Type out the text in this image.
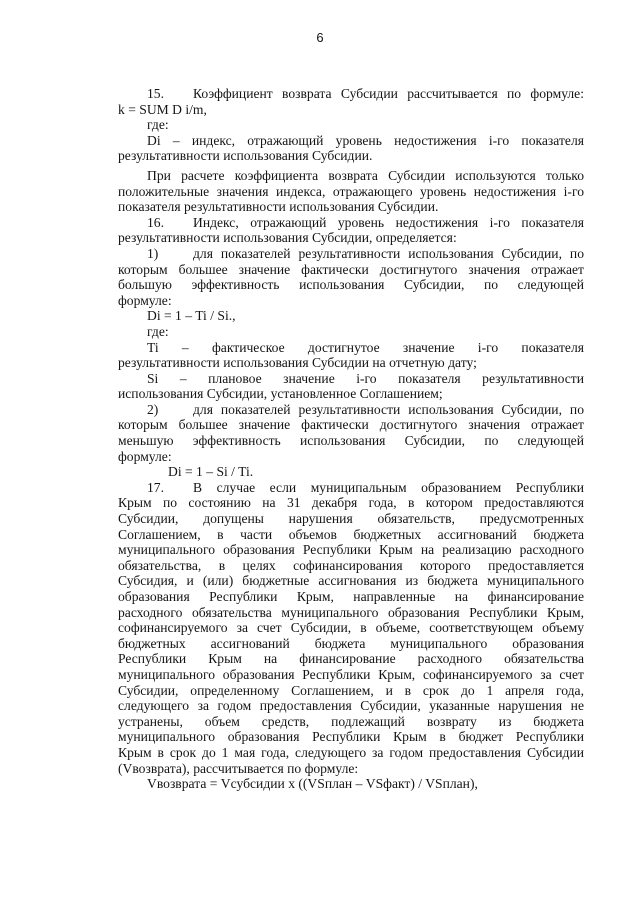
6

15. Коэффициент возврата Субсидии рассчитывается по формуле:

k = SUM D i/m,

где:

Di – индекс, отражающий уровень недостижения i-го показателя

результативности использования Субсидии.

При расчете коэффициента возврата Субсидии используются только

положительные значения индекса, отражающего уровень недостижения i-го

показателя результативности использования Субсидии.

16. Индекс, отражающий уровень недостижения i-го показателя

результативности использования Субсидии, определяется:

1)	для показателей результативности использования Субсидии, по

которым большее значение фактически достигнутого значения отражает

большую эффективность использования Субсидии, по следующей

формуле:

Di = 1 – Ti / Si.,

где:

Ti – фактическое достигнутое значение i-го показателя

результативности использования Субсидии на отчетную дату;

Si – плановое значение i-го показателя результативности

использования Субсидии, установленное Соглашением;

2)	для показателей результативности использования Субсидии, по

которым большее значение фактически достигнутого значения отражает

меньшую эффективность использования Субсидии, по следующей

формуле:

Di = 1 – Si / Ti.

17. В случае если муниципальным образованием Республики

Крым по состоянию на 31 декабря года, в котором предоставляются

Субсидии, допущены нарушения обязательств, предусмотренных

Соглашением, в части объемов бюджетных ассигнований бюджета

муниципального образования Республики Крым на реализацию расходного

обязательства, в целях софинансирования которого предоставляется

Субсидия, и (или) бюджетные ассигнования из бюджета муниципального

образования Республики Крым, направленные на финансирование

расходного обязательства муниципального образования Республики Крым,

софинансируемого за счет Субсидии, в объеме, соответствующем объему

бюджетных ассигнований бюджета муниципального образования

Республики Крым на финансирование расходного обязательства

муниципального образования Республики Крым, софинансируемого за счет

Субсидии, определенному Соглашением, и в срок до 1 апреля года,

следующего за годом предоставления Субсидии, указанные нарушения не

устранены, объем средств, подлежащий возврату из бюджета

муниципального образования Республики Крым в бюджет Республики

Крым в срок до 1 мая года, следующего за годом предоставления Субсидии

(Vвозврата), рассчитывается по формуле:

Vвозврата = Vсубсидии x ((VSплан – VSфакт) / VSплан),
